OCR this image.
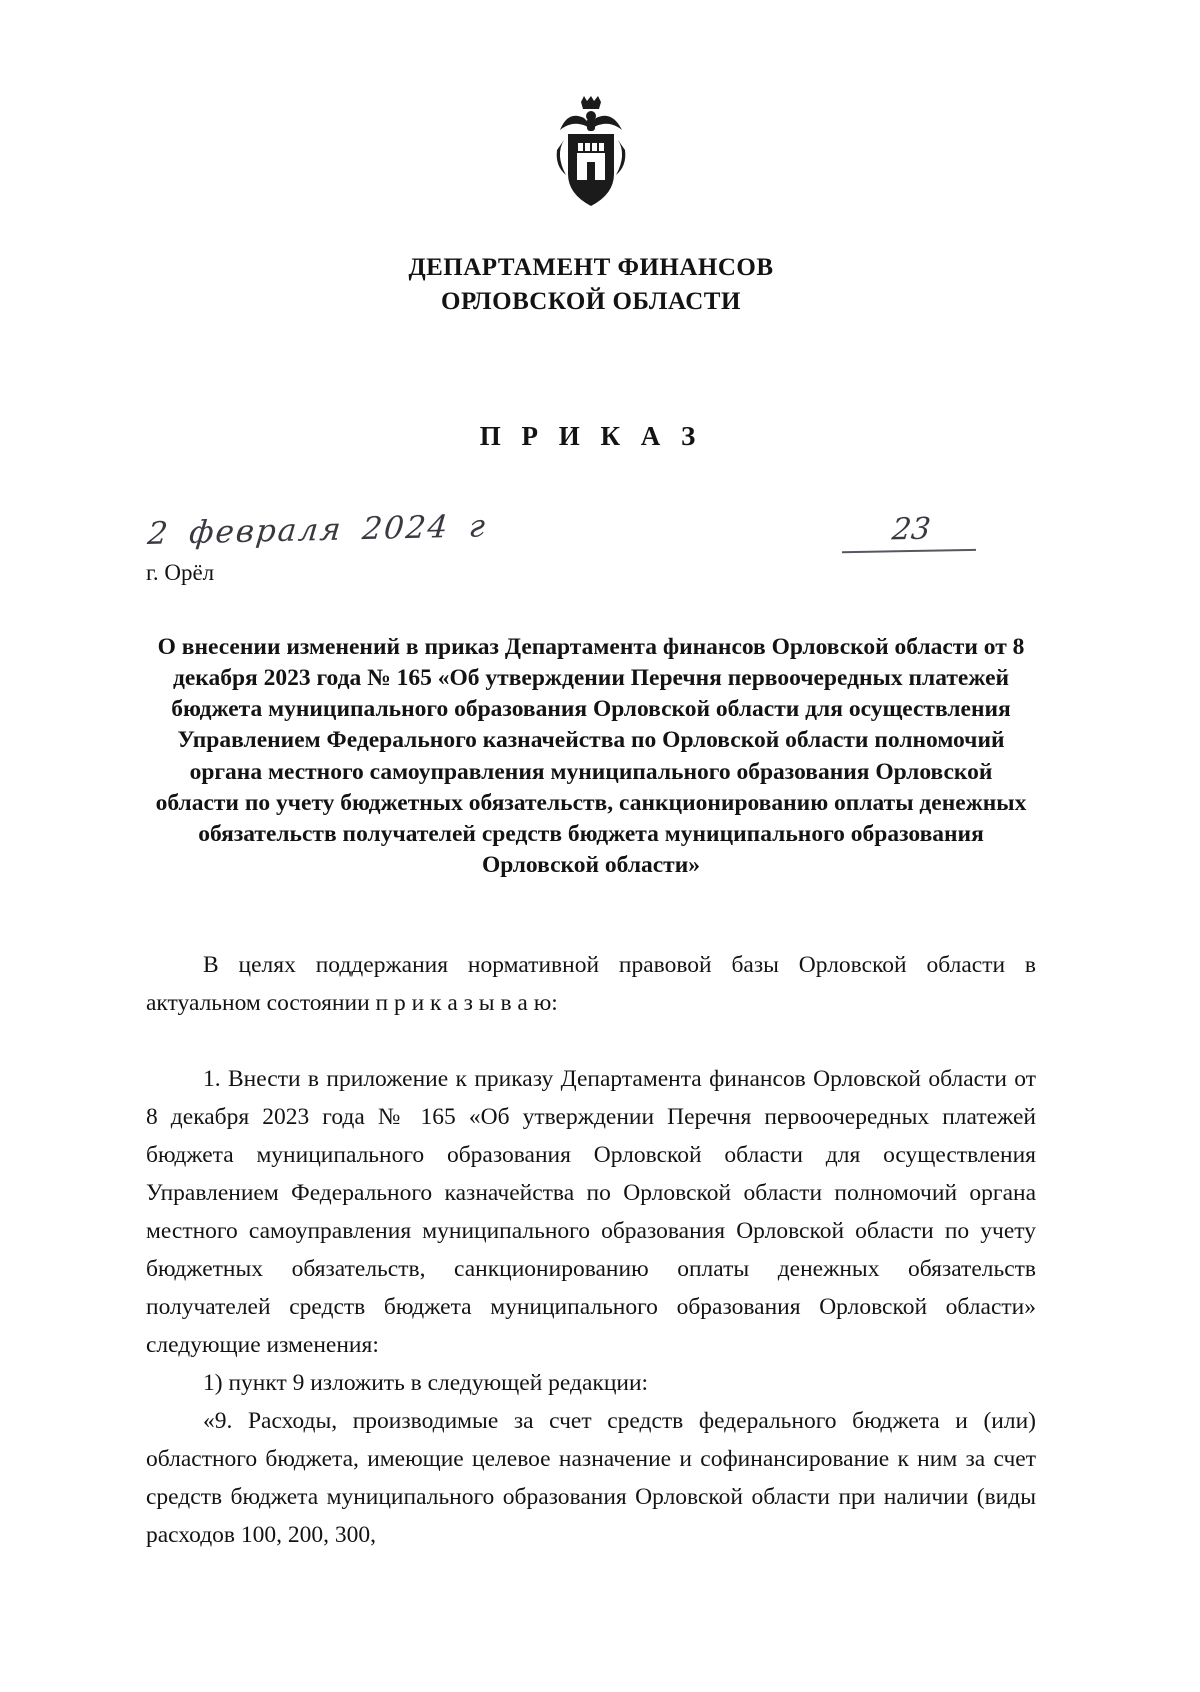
ДЕПАРТАМЕНТ ФИНАНСОВ
ОРЛОВСКОЙ ОБЛАСТИ
П Р И К А З
2 февраля 2024 г	23
г. Орёл
О внесении изменений в приказ Департамента финансов Орловской области от 8 декабря 2023 года № 165 «Об утверждении Перечня первоочередных платежей бюджета муниципального образования Орловской области для осуществления Управлением Федерального казначейства по Орловской области полномочий органа местного самоуправления муниципального образования Орловской области по учету бюджетных обязательств, санкционированию оплаты денежных обязательств получателей средств бюджета муниципального образования Орловской области»

В целях поддержания нормативной правовой базы Орловской области в актуальном состоянии п р и к а з ы в а ю:

1. Внести в приложение к приказу Департамента финансов Орловской области от 8 декабря 2023 года № 165 «Об утверждении Перечня первоочередных платежей бюджета муниципального образования Орловской области для осуществления Управлением Федерального казначейства по Орловской области полномочий органа местного самоуправления муниципального образования Орловской области по учету бюджетных обязательств, санкционированию оплаты денежных обязательств получателей средств бюджета муниципального образования Орловской области» следующие изменения:

1) пункт 9 изложить в следующей редакции:

«9. Расходы, производимые за счет средств федерального бюджета и (или) областного бюджета, имеющие целевое назначение и софинансирование к ним за счет средств бюджета муниципального образования Орловской области при наличии (виды расходов 100, 200, 300,
